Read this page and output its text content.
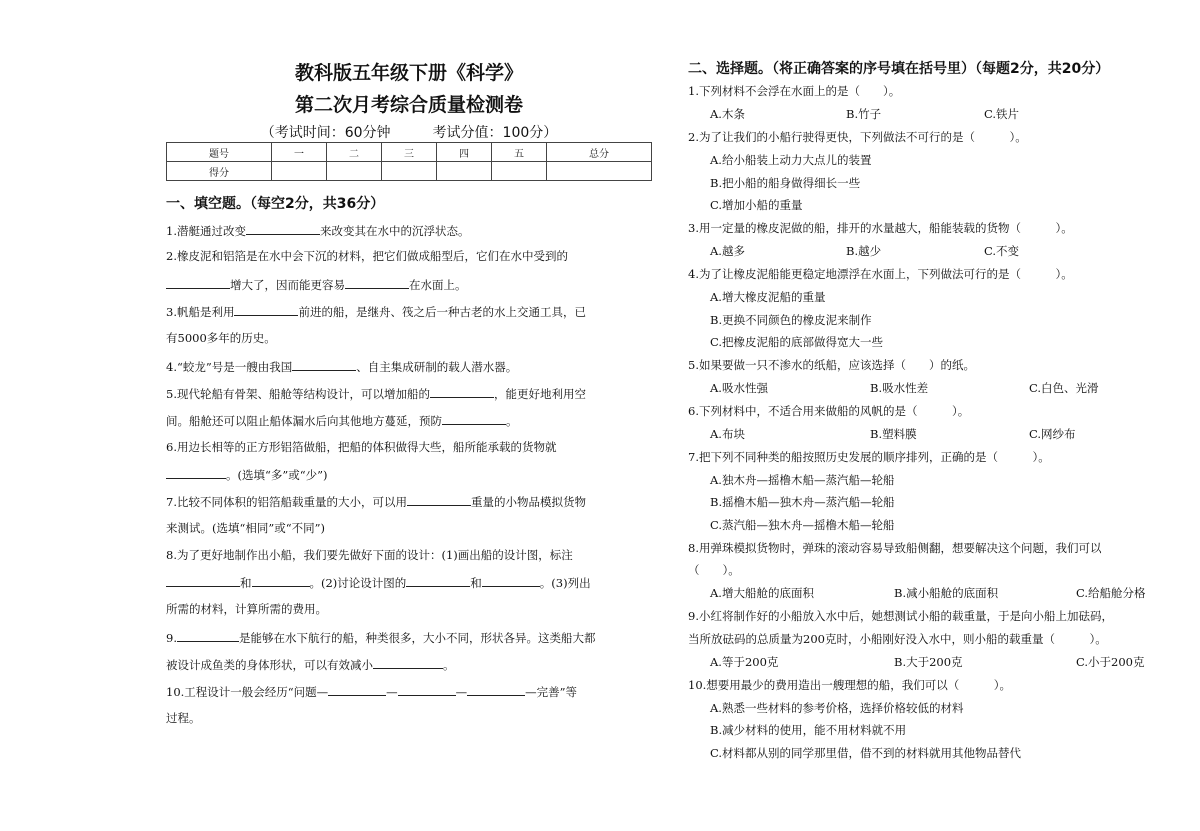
教科版五年级下册《科学》
第二次月考综合质量检测卷
（考试时间：60分钟　　　考试分值：100分）
题号	一	二	三	四	五	总分
得分						
一、填空题。（每空2分，共36分）
1.潜艇通过改变	来改变其在水中的沉浮状态。
2.橡皮泥和铝箔是在水中会下沉的材料，把它们做成船型后，它们在水中受到的
增大了，因而能更容易	在水面上。
3.帆船是利用	前进的船，是继舟、筏之后一种古老的水上交通工具，已
有5000多年的历史。
4.“蛟龙”号是一艘由我国	、自主集成研制的载人潜水器。
5.现代轮船有骨架、船舱等结构设计，可以增加船的	，能更好地利用空
间。船舱还可以阻止船体漏水后向其他地方蔓延，预防	。
6.用边长相等的正方形铝箔做船，把船的体积做得大些，船所能承载的货物就
。(选填“多”或“少”)
7.比较不同体积的铝箔船载重量的大小，可以用	重量的小物品模拟货物
来测试。(选填“相同”或“不同”)
8.为了更好地制作出小船，我们要先做好下面的设计：(1)画出船的设计图，标注
和	。(2)讨论设计图的	和	。(3)列出
所需的材料，计算所需的费用。
9.	是能够在水下航行的船，种类很多，大小不同，形状各异。这类船大都
被设计成鱼类的身体形状，可以有效减小	。
10.工程设计一般会经历“问题—	—	—	—完善”等
过程。
二、选择题。（将正确答案的序号填在括号里）（每题2分，共20分）
1.下列材料不会浮在水面上的是（　　）。
A.木条	B.竹子	C.铁片
2.为了让我们的小船行驶得更快，下列做法不可行的是（　　　）。
A.给小船装上动力大点儿的装置
B.把小船的船身做得细长一些
C.增加小船的重量
3.用一定量的橡皮泥做的船，排开的水量越大，船能装载的货物（　　　）。
A.越多	B.越少	C.不变
4.为了让橡皮泥船能更稳定地漂浮在水面上，下列做法可行的是（　　　）。
A.增大橡皮泥船的重量
B.更换不同颜色的橡皮泥来制作
C.把橡皮泥船的底部做得宽大一些
5.如果要做一只不渗水的纸船，应该选择（　　）的纸。
A.吸水性强	B.吸水性差	C.白色、光滑
6.下列材料中，不适合用来做船的风帆的是（　　　）。
A.布块	B.塑料膜	C.网纱布
7.把下列不同种类的船按照历史发展的顺序排列，正确的是（　　　）。
A.独木舟—摇橹木船—蒸汽船—轮船
B.摇橹木船—独木舟—蒸汽船—轮船
C.蒸汽船—独木舟—摇橹木船—轮船
8.用弹珠模拟货物时，弹珠的滚动容易导致船侧翻，想要解决这个问题，我们可以
（　　）。
A.增大船舱的底面积	B.减小船舱的底面积	C.给船舱分格
9.小红将制作好的小船放入水中后，她想测试小船的载重量，于是向小船上加砝码，
当所放砝码的总质量为200克时，小船刚好没入水中，则小船的载重量（　　　）。
A.等于200克	B.大于200克	C.小于200克
10.想要用最少的费用造出一艘理想的船，我们可以（　　　）。
A.熟悉一些材料的参考价格，选择价格较低的材料
B.减少材料的使用，能不用材料就不用
C.材料都从别的同学那里借，借不到的材料就用其他物品替代
